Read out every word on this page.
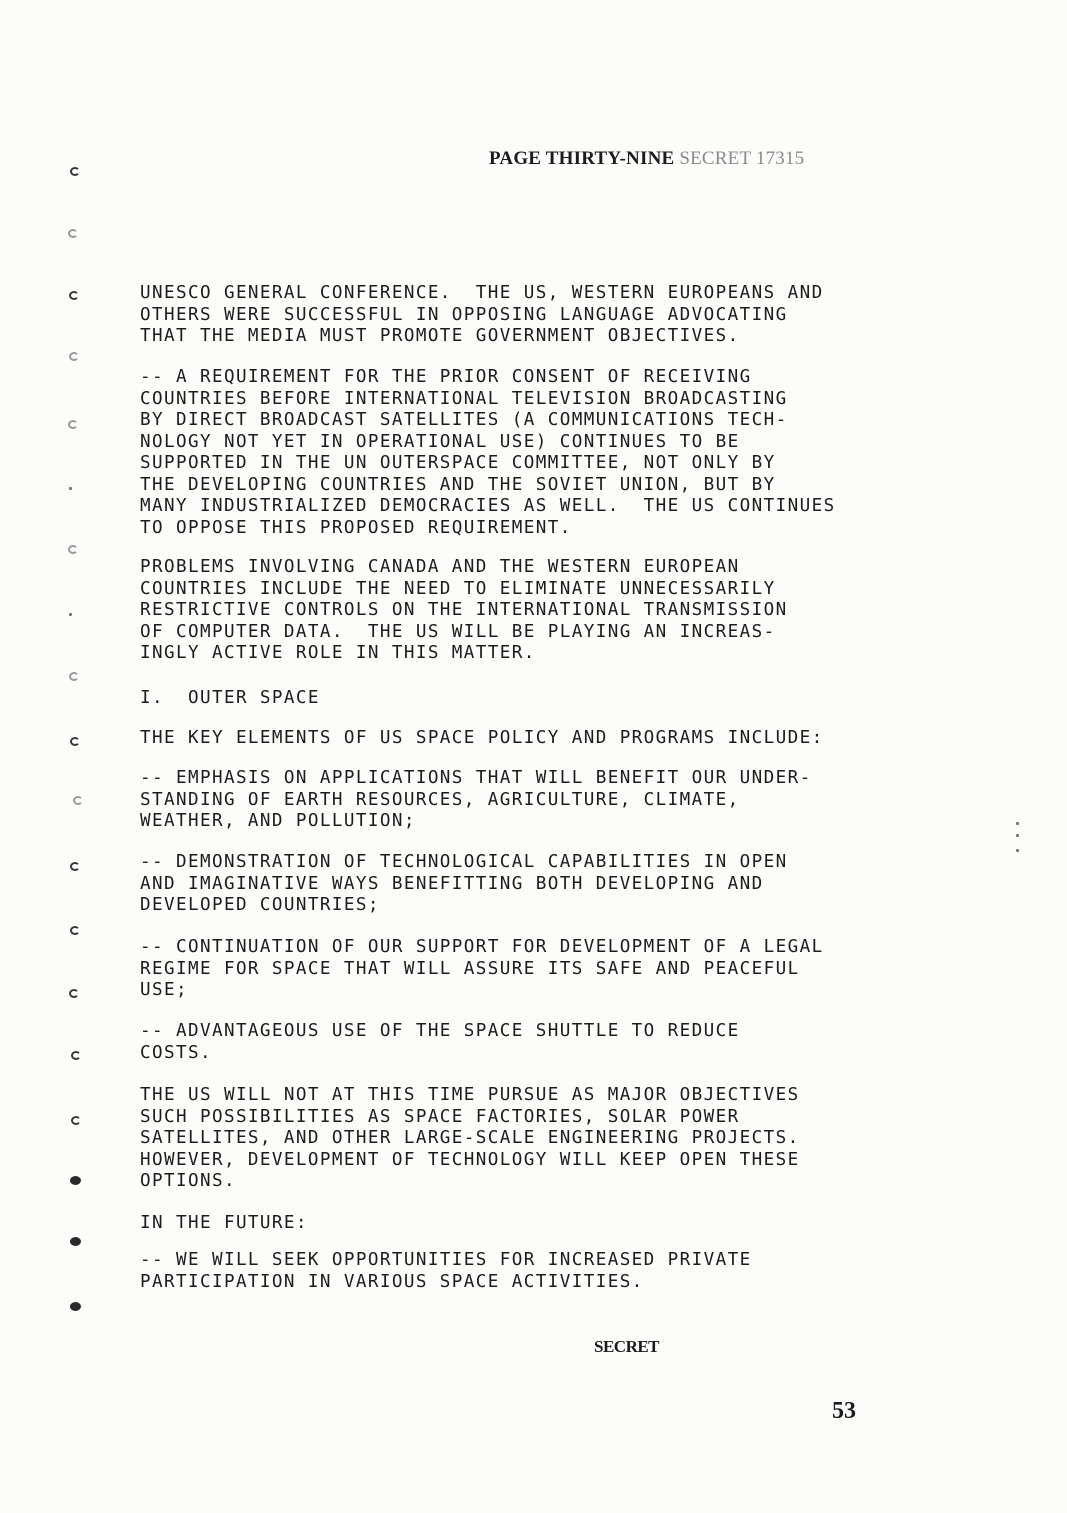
PAGE THIRTY-NINE SECRET 17315
UNESCO GENERAL CONFERENCE.  THE US, WESTERN EUROPEANS AND
OTHERS WERE SUCCESSFUL IN OPPOSING LANGUAGE ADVOCATING
THAT THE MEDIA MUST PROMOTE GOVERNMENT OBJECTIVES.
-- A REQUIREMENT FOR THE PRIOR CONSENT OF RECEIVING
COUNTRIES BEFORE INTERNATIONAL TELEVISION BROADCASTING
BY DIRECT BROADCAST SATELLITES (A COMMUNICATIONS TECH-
NOLOGY NOT YET IN OPERATIONAL USE) CONTINUES TO BE
SUPPORTED IN THE UN OUTERSPACE COMMITTEE, NOT ONLY BY
THE DEVELOPING COUNTRIES AND THE SOVIET UNION, BUT BY
MANY INDUSTRIALIZED DEMOCRACIES AS WELL.  THE US CONTINUES
TO OPPOSE THIS PROPOSED REQUIREMENT.
PROBLEMS INVOLVING CANADA AND THE WESTERN EUROPEAN
COUNTRIES INCLUDE THE NEED TO ELIMINATE UNNECESSARILY
RESTRICTIVE CONTROLS ON THE INTERNATIONAL TRANSMISSION
OF COMPUTER DATA.  THE US WILL BE PLAYING AN INCREAS-
INGLY ACTIVE ROLE IN THIS MATTER.
I.  OUTER SPACE
THE KEY ELEMENTS OF US SPACE POLICY AND PROGRAMS INCLUDE:
-- EMPHASIS ON APPLICATIONS THAT WILL BENEFIT OUR UNDER-
STANDING OF EARTH RESOURCES, AGRICULTURE, CLIMATE,
WEATHER, AND POLLUTION;
-- DEMONSTRATION OF TECHNOLOGICAL CAPABILITIES IN OPEN
AND IMAGINATIVE WAYS BENEFITTING BOTH DEVELOPING AND
DEVELOPED COUNTRIES;
-- CONTINUATION OF OUR SUPPORT FOR DEVELOPMENT OF A LEGAL
REGIME FOR SPACE THAT WILL ASSURE ITS SAFE AND PEACEFUL
USE;
-- ADVANTAGEOUS USE OF THE SPACE SHUTTLE TO REDUCE
COSTS.
THE US WILL NOT AT THIS TIME PURSUE AS MAJOR OBJECTIVES
SUCH POSSIBILITIES AS SPACE FACTORIES, SOLAR POWER
SATELLITES, AND OTHER LARGE-SCALE ENGINEERING PROJECTS.
HOWEVER, DEVELOPMENT OF TECHNOLOGY WILL KEEP OPEN THESE
OPTIONS.
IN THE FUTURE:
-- WE WILL SEEK OPPORTUNITIES FOR INCREASED PRIVATE
PARTICIPATION IN VARIOUS SPACE ACTIVITIES.
SECRET
53
